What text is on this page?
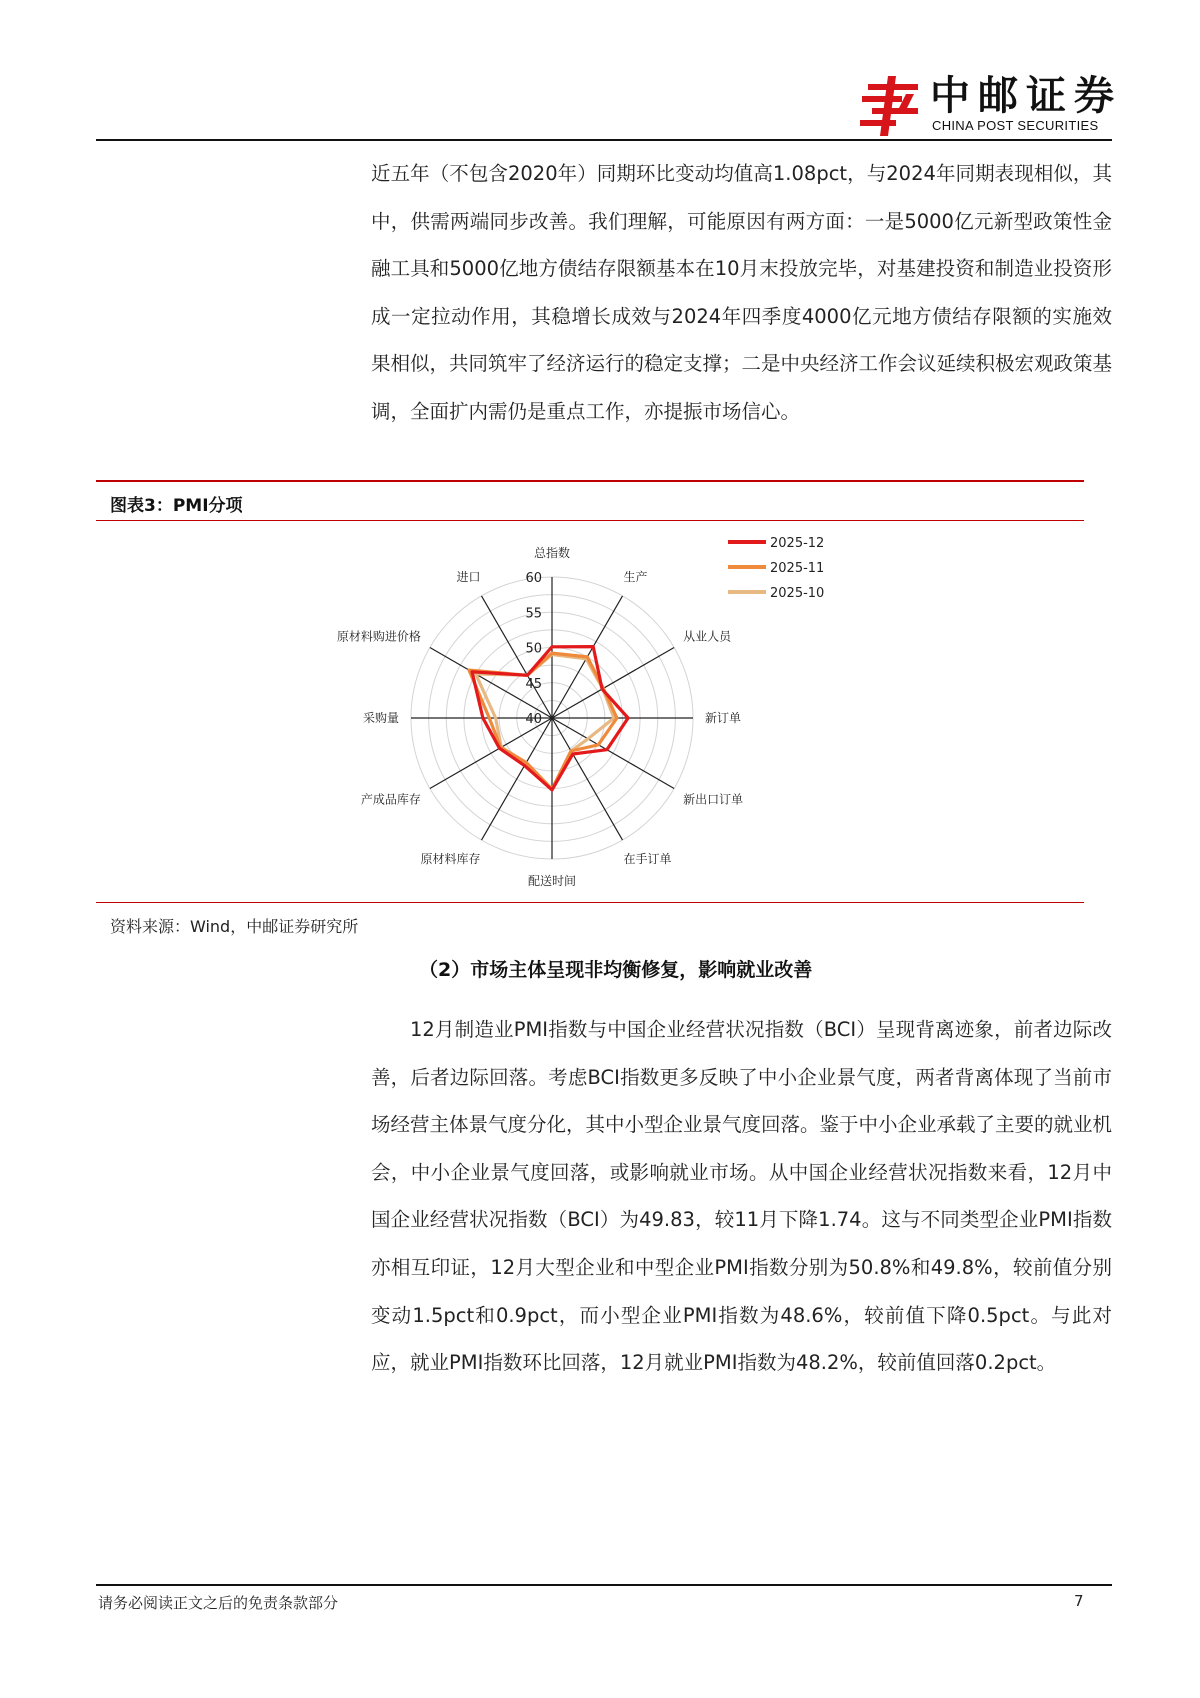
中邮证券
CHINA POST SECURITIES

近五年（不包含2020年）同期环比变动均值高1.08pct，与2024年同期表现相似，其中，供需两端同步改善。我们理解，可能原因有两方面：一是5000亿元新型政策性金融工具和5000亿地方债结存限额基本在10月末投放完毕，对基建投资和制造业投资形成一定拉动作用，其稳增长成效与2024年四季度4000亿元地方债结存限额的实施效果相似，共同筑牢了经济运行的稳定支撑；二是中央经济工作会议延续积极宏观政策基调，全面扩内需仍是重点工作，亦提振市场信心。

图表3：PMI分项
40
45
50
55
60
总指数
生产
从业人员
新订单
新出口订单
在手订单
配送时间
原材料库存
产成品库存
采购量
原材料购进价格
进口
2025-12
2025-11
2025-10
资料来源：Wind，中邮证券研究所
（2）市场主体呈现非均衡修复，影响就业改善

12月制造业PMI指数与中国企业经营状况指数（BCI）呈现背离迹象，前者边际改善，后者边际回落。考虑BCI指数更多反映了中小企业景气度，两者背离体现了当前市场经营主体景气度分化，其中小型企业景气度回落。鉴于中小企业承载了主要的就业机会，中小企业景气度回落，或影响就业市场。从中国企业经营状况指数来看，12月中国企业经营状况指数（BCI）为49.83，较11月下降1.74。这与不同类型企业PMI指数亦相互印证，12月大型企业和中型企业PMI指数分别为50.8%和49.8%，较前值分别变动1.5pct和0.9pct，而小型企业PMI指数为48.6%，较前值下降0.5pct。与此对应，就业PMI指数环比回落，12月就业PMI指数为48.2%，较前值回落0.2pct。

请务必阅读正文之后的免责条款部分	7
